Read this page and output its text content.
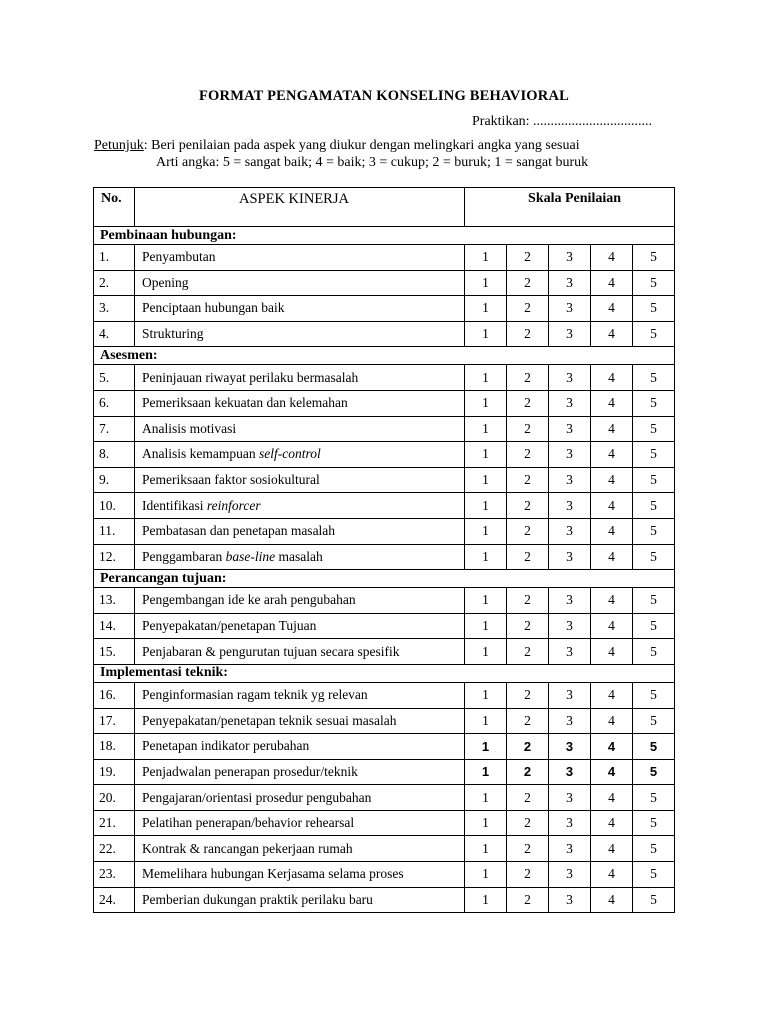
FORMAT PENGAMATAN KONSELING BEHAVIORAL
Praktikan: ..................................
Petunjuk: Beri penilaian pada aspek yang diukur dengan melingkari angka yang sesuai
Arti angka: 5 = sangat baik; 4 = baik; 3 = cukup; 2 = buruk; 1 = sangat buruk
No.	ASPEK KINERJA	Skala Penilaian				
Pembinaan hubungan:						
1.	Penyambutan	1	2	3	4	5
2.	Opening	1	2	3	4	5
3.	Penciptaan hubungan baik	1	2	3	4	5
4.	Strukturing	1	2	3	4	5
Asesmen:						
5.	Peninjauan riwayat perilaku bermasalah	1	2	3	4	5
6.	Pemeriksaan kekuatan dan kelemahan	1	2	3	4	5
7.	Analisis motivasi	1	2	3	4	5
8.	Analisis kemampuan self-control	1	2	3	4	5
9.	Pemeriksaan faktor sosiokultural	1	2	3	4	5
10.	Identifikasi reinforcer	1	2	3	4	5
11.	Pembatasan dan penetapan masalah	1	2	3	4	5
12.	Penggambaran base-line masalah	1	2	3	4	5
Perancangan tujuan:						
13.	Pengembangan ide ke arah pengubahan	1	2	3	4	5
14.	Penyepakatan/penetapan Tujuan	1	2	3	4	5
15.	Penjabaran & pengurutan tujuan secara spesifik	1	2	3	4	5
Implementasi teknik:						
16.	Penginformasian ragam teknik yg relevan	1	2	3	4	5
17.	Penyepakatan/penetapan teknik sesuai masalah	1	2	3	4	5
18.	Penetapan indikator perubahan	1	2	3	4	5
19.	Penjadwalan penerapan prosedur/teknik	1	2	3	4	5
20.	Pengajaran/orientasi prosedur pengubahan	1	2	3	4	5
21.	Pelatihan penerapan/behavior rehearsal	1	2	3	4	5
22.	Kontrak & rancangan pekerjaan rumah	1	2	3	4	5
23.	Memelihara hubungan Kerjasama selama proses	1	2	3	4	5
24.	Pemberian dukungan praktik perilaku baru	1	2	3	4	5
